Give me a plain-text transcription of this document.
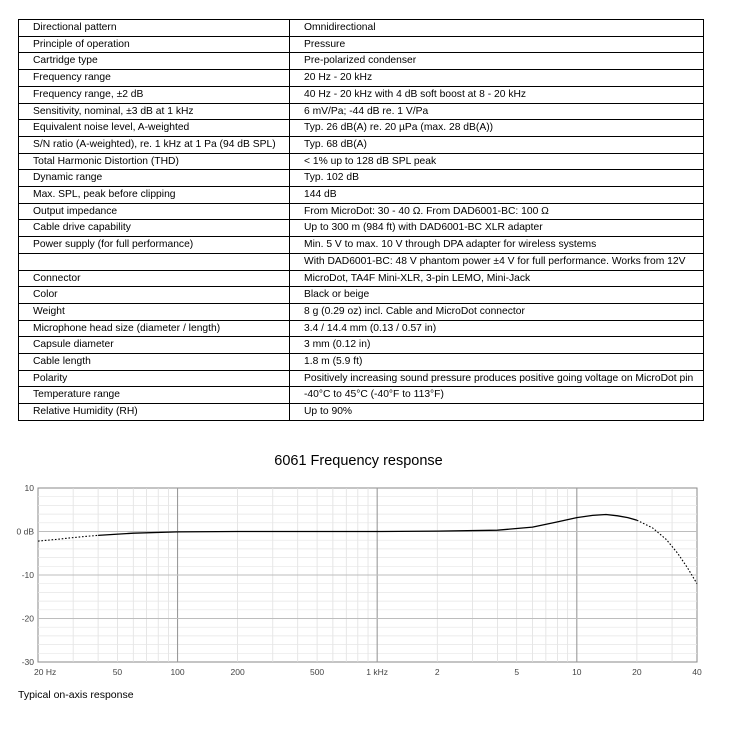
Directional pattern	Omnidirectional
Principle of operation	Pressure
Cartridge type	Pre-polarized condenser
Frequency range	20 Hz - 20 kHz
Frequency range, ±2 dB	40 Hz - 20 kHz with 4 dB soft boost at 8 - 20 kHz
Sensitivity, nominal, ±3 dB at 1 kHz	6 mV/Pa; -44 dB re. 1 V/Pa
Equivalent noise level, A-weighted	Typ. 26 dB(A) re. 20 µPa (max. 28 dB(A))
S/N ratio (A-weighted), re. 1 kHz at 1 Pa (94 dB SPL)	Typ. 68 dB(A)
Total Harmonic Distortion (THD)	< 1% up to 128 dB SPL peak
Dynamic range	Typ. 102 dB
Max. SPL, peak before clipping	144 dB
Output impedance	From MicroDot: 30 - 40 Ω. From DAD6001-BC: 100 Ω
Cable drive capability	Up to 300 m (984 ft) with DAD6001-BC XLR adapter
Power supply (for full performance)	Min. 5 V to max. 10 V through DPA adapter for wireless systems
	With DAD6001-BC: 48 V phantom power ±4 V for full performance. Works from 12V
Connector	MicroDot, TA4F Mini-XLR, 3-pin LEMO, Mini-Jack
Color	Black or beige
Weight	8 g (0.29 oz) incl. Cable and MicroDot connector
Microphone head size (diameter / length)	3.4 / 14.4 mm (0.13 / 0.57 in)
Capsule diameter	3 mm (0.12 in)
Cable length	1.8 m (5.9 ft)
Polarity	Positively increasing sound pressure produces positive going voltage on MicroDot pin
Temperature range	-40°C to 45°C (-40°F to 113°F)
Relative Humidity (RH)	Up to 90%
6061 Frequency response
20 Hz	50	100	200	500	1 kHz	2	5	10	20	40
10
0 dB
-10
-20
-30
Typical on-axis response
